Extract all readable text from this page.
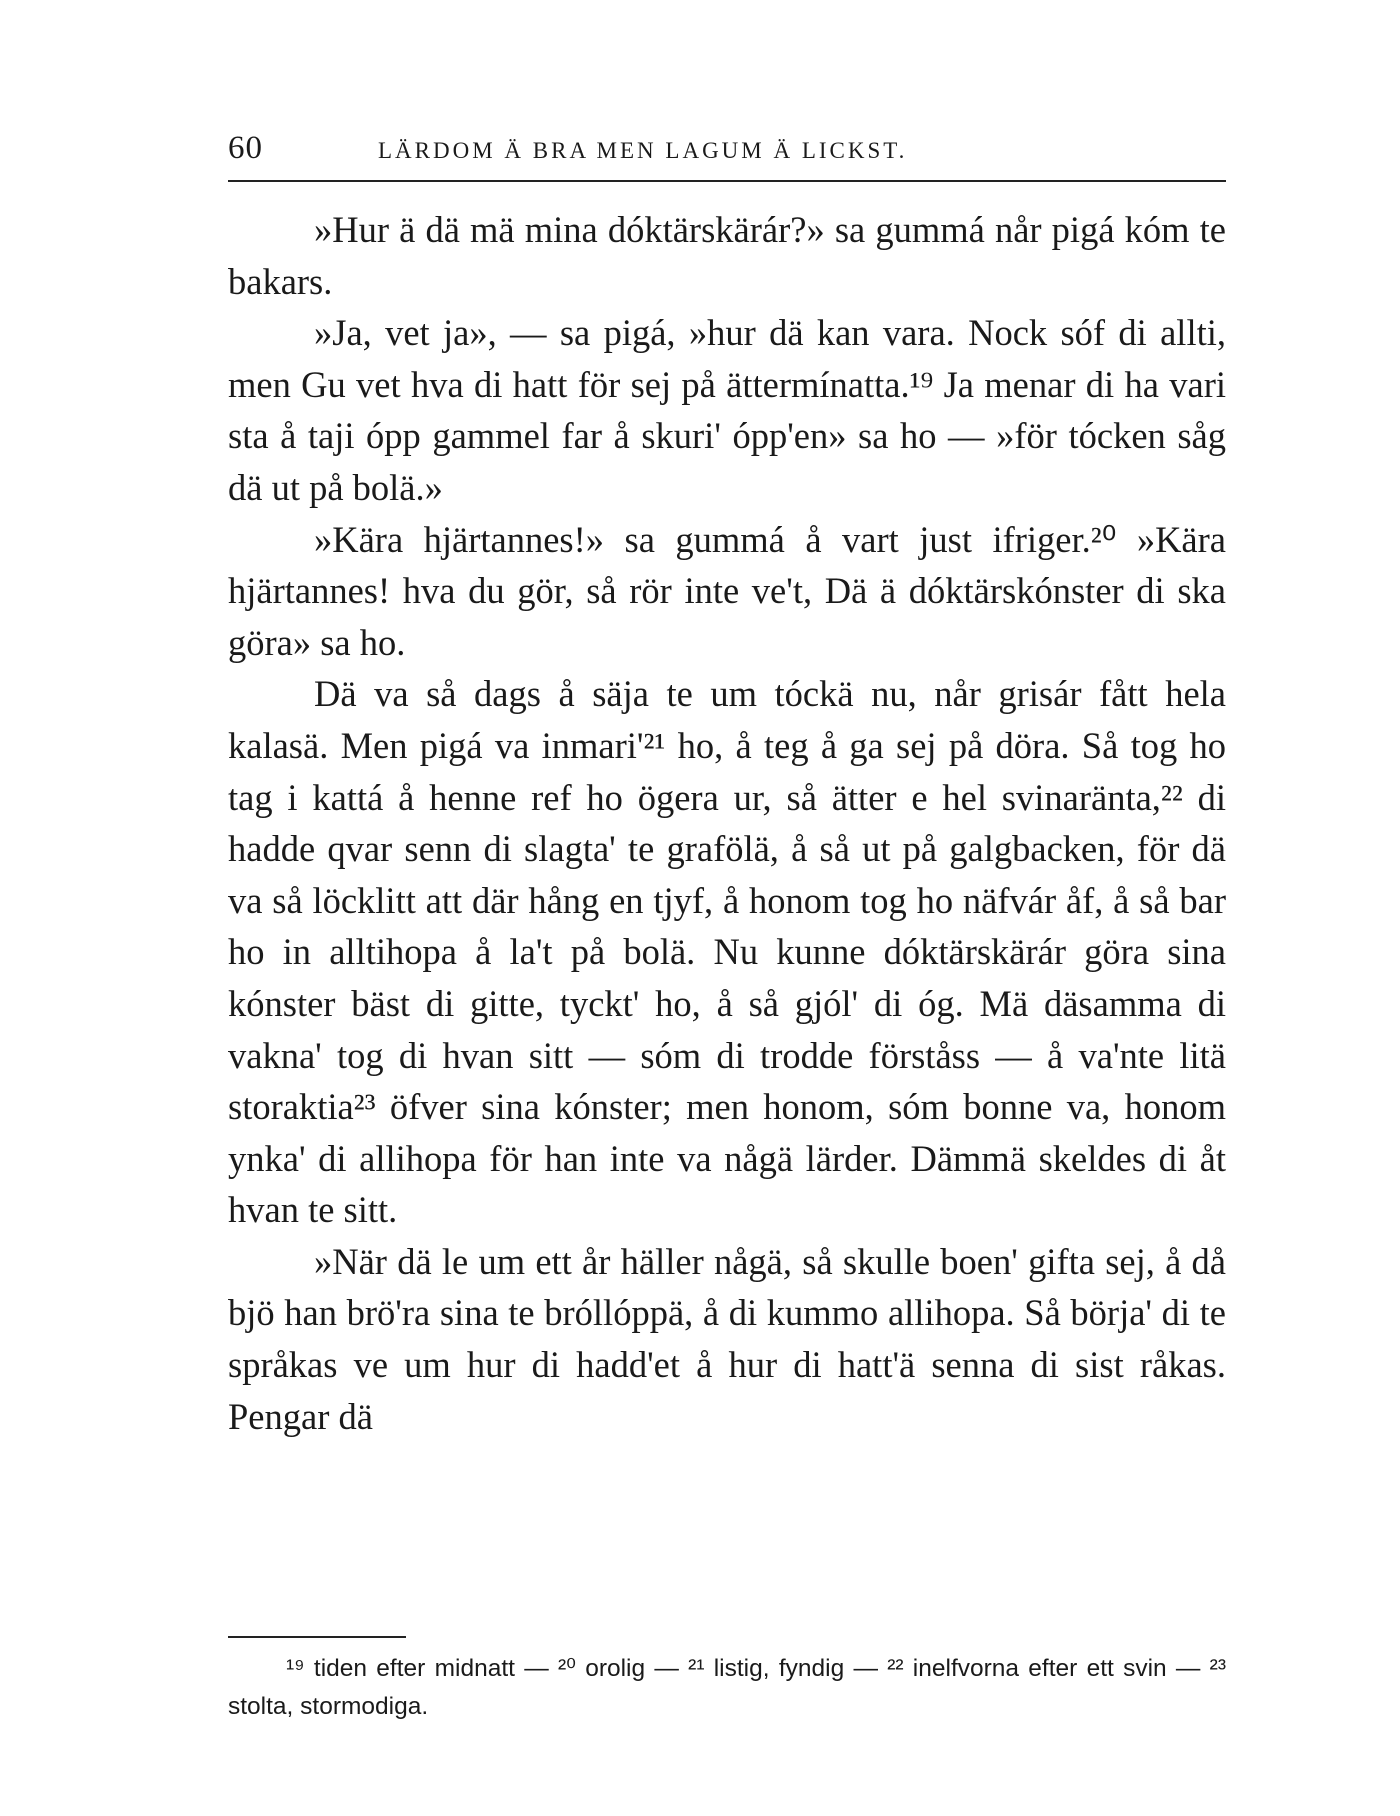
60	LÄRDOM Ä BRA MEN LAGUM Ä LICKST.

»Hur ä dä mä mina dóktärskärár?» sa gummá når pigá kóm te bakars.

»Ja, vet ja», — sa pigá, »hur dä kan vara. Nock sóf di allti, men Gu vet hva di hatt för sej på ättermínatta.¹⁹ Ja menar di ha vari sta å taji ópp gammel far å skuri' ópp'en» sa ho — »för tócken såg dä ut på bolä.»

»Kära hjärtannes!» sa gummá å vart just ifriger.²⁰ »Kära hjärtannes! hva du gör, så rör inte ve't, Dä ä dóktärskónster di ska göra» sa ho.

Dä va så dags å säja te um tóckä nu, når grisár fått hela kalasä. Men pigá va inmari'²¹ ho, å teg å ga sej på döra. Så tog ho tag i kattá å henne ref ho ögera ur, så ätter e hel svinaränta,²² di hadde qvar senn di slagta' te grafölä, å så ut på galgbacken, för dä va så löcklitt att där hång en tjyf, å honom tog ho näfvár åf, å så bar ho in alltihopa å la't på bolä. Nu kunne dóktärskärár göra sina kónster bäst di gitte, tyckt' ho, å så gjól' di óg. Mä däsamma di vakna' tog di hvan sitt — sóm di trodde förståss — å va'nte litä storaktia²³ öfver sina kónster; men honom, sóm bonne va, honom ynka' di allihopa för han inte va någä lärder. Dämmä skeldes di åt hvan te sitt.

»När dä le um ett år häller någä, så skulle boen' gifta sej, å då bjö han brö'ra sina te bróllóppä, å di kummo allihopa. Så börja' di te språkas ve um hur di hadd'et å hur di hatt'ä senna di sist råkas. Pengar dä

¹⁹ tiden efter midnatt — ²⁰ orolig — ²¹ listig, fyndig — ²² inelfvorna efter ett svin — ²³ stolta, stormodiga.
